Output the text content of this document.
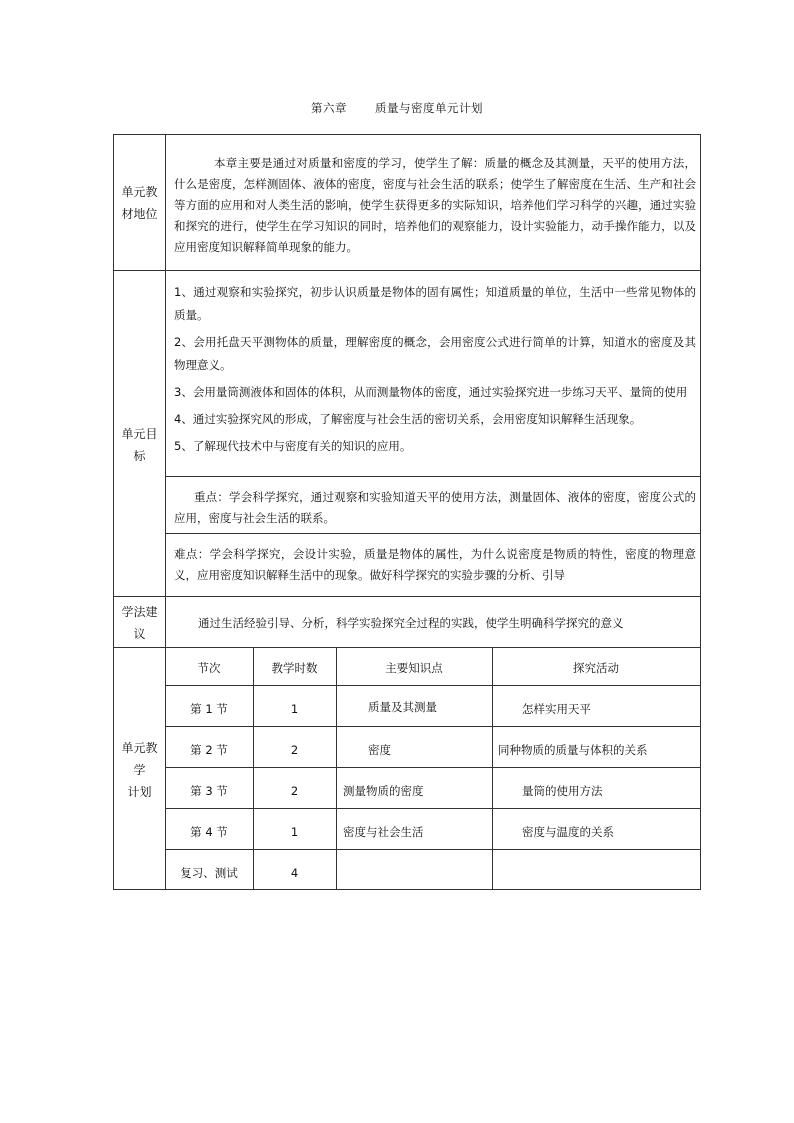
第六章 质量与密度单元计划
单元教
材地位
本章主要是通过对质量和密度的学习，使学生了解：质量的概念及其测量，天平的使用方法，什么是密度，怎样测固体、液体的密度，密度与社会生活的联系；使学生了解密度在生活、生产和社会等方面的应用和对人类生活的影响，使学生获得更多的实际知识，培养他们学习科学的兴趣，通过实验和探究的进行，使学生在学习知识的同时，培养他们的观察能力，设计实验能力，动手操作能力，以及应用密度知识解释简单现象的能力。
单元目
标
1、通过观察和实验探究，初步认识质量是物体的固有属性；知道质量的单位，生活中一些常见物体的质量。
2、会用托盘天平测物体的质量，理解密度的概念，会用密度公式进行简单的计算，知道水的密度及其物理意义。
3、会用量筒测液体和固体的体积，从而测量物体的密度，通过实验探究进一步练习天平、量筒的使用
4、通过实验探究风的形成，了解密度与社会生活的密切关系，会用密度知识解释生活现象。
5、了解现代技术中与密度有关的知识的应用。
重点：学会科学探究，通过观察和实验知道天平的使用方法，测量固体、液体的密度，密度公式的应用，密度与社会生活的联系。
难点：学会科学探究，会设计实验，质量是物体的属性，为什么说密度是物质的特性，密度的物理意义，应用密度知识解释生活中的现象。做好科学探究的实验步骤的分析、引导
学法建
议
通过生活经验引导、分析，科学实验探究全过程的实践，使学生明确科学探究的意义
单元教
学
计划
节次	教学时数	主要知识点	探究活动
第 1 节	1	质量及其测量	怎样实用天平
第 2 节	2	密度	同种物质的质量与体积的关系
第 3 节	2	测量物质的密度	量筒的使用方法
第 4 节	1	密度与社会生活	密度与温度的关系
复习、测试	4
